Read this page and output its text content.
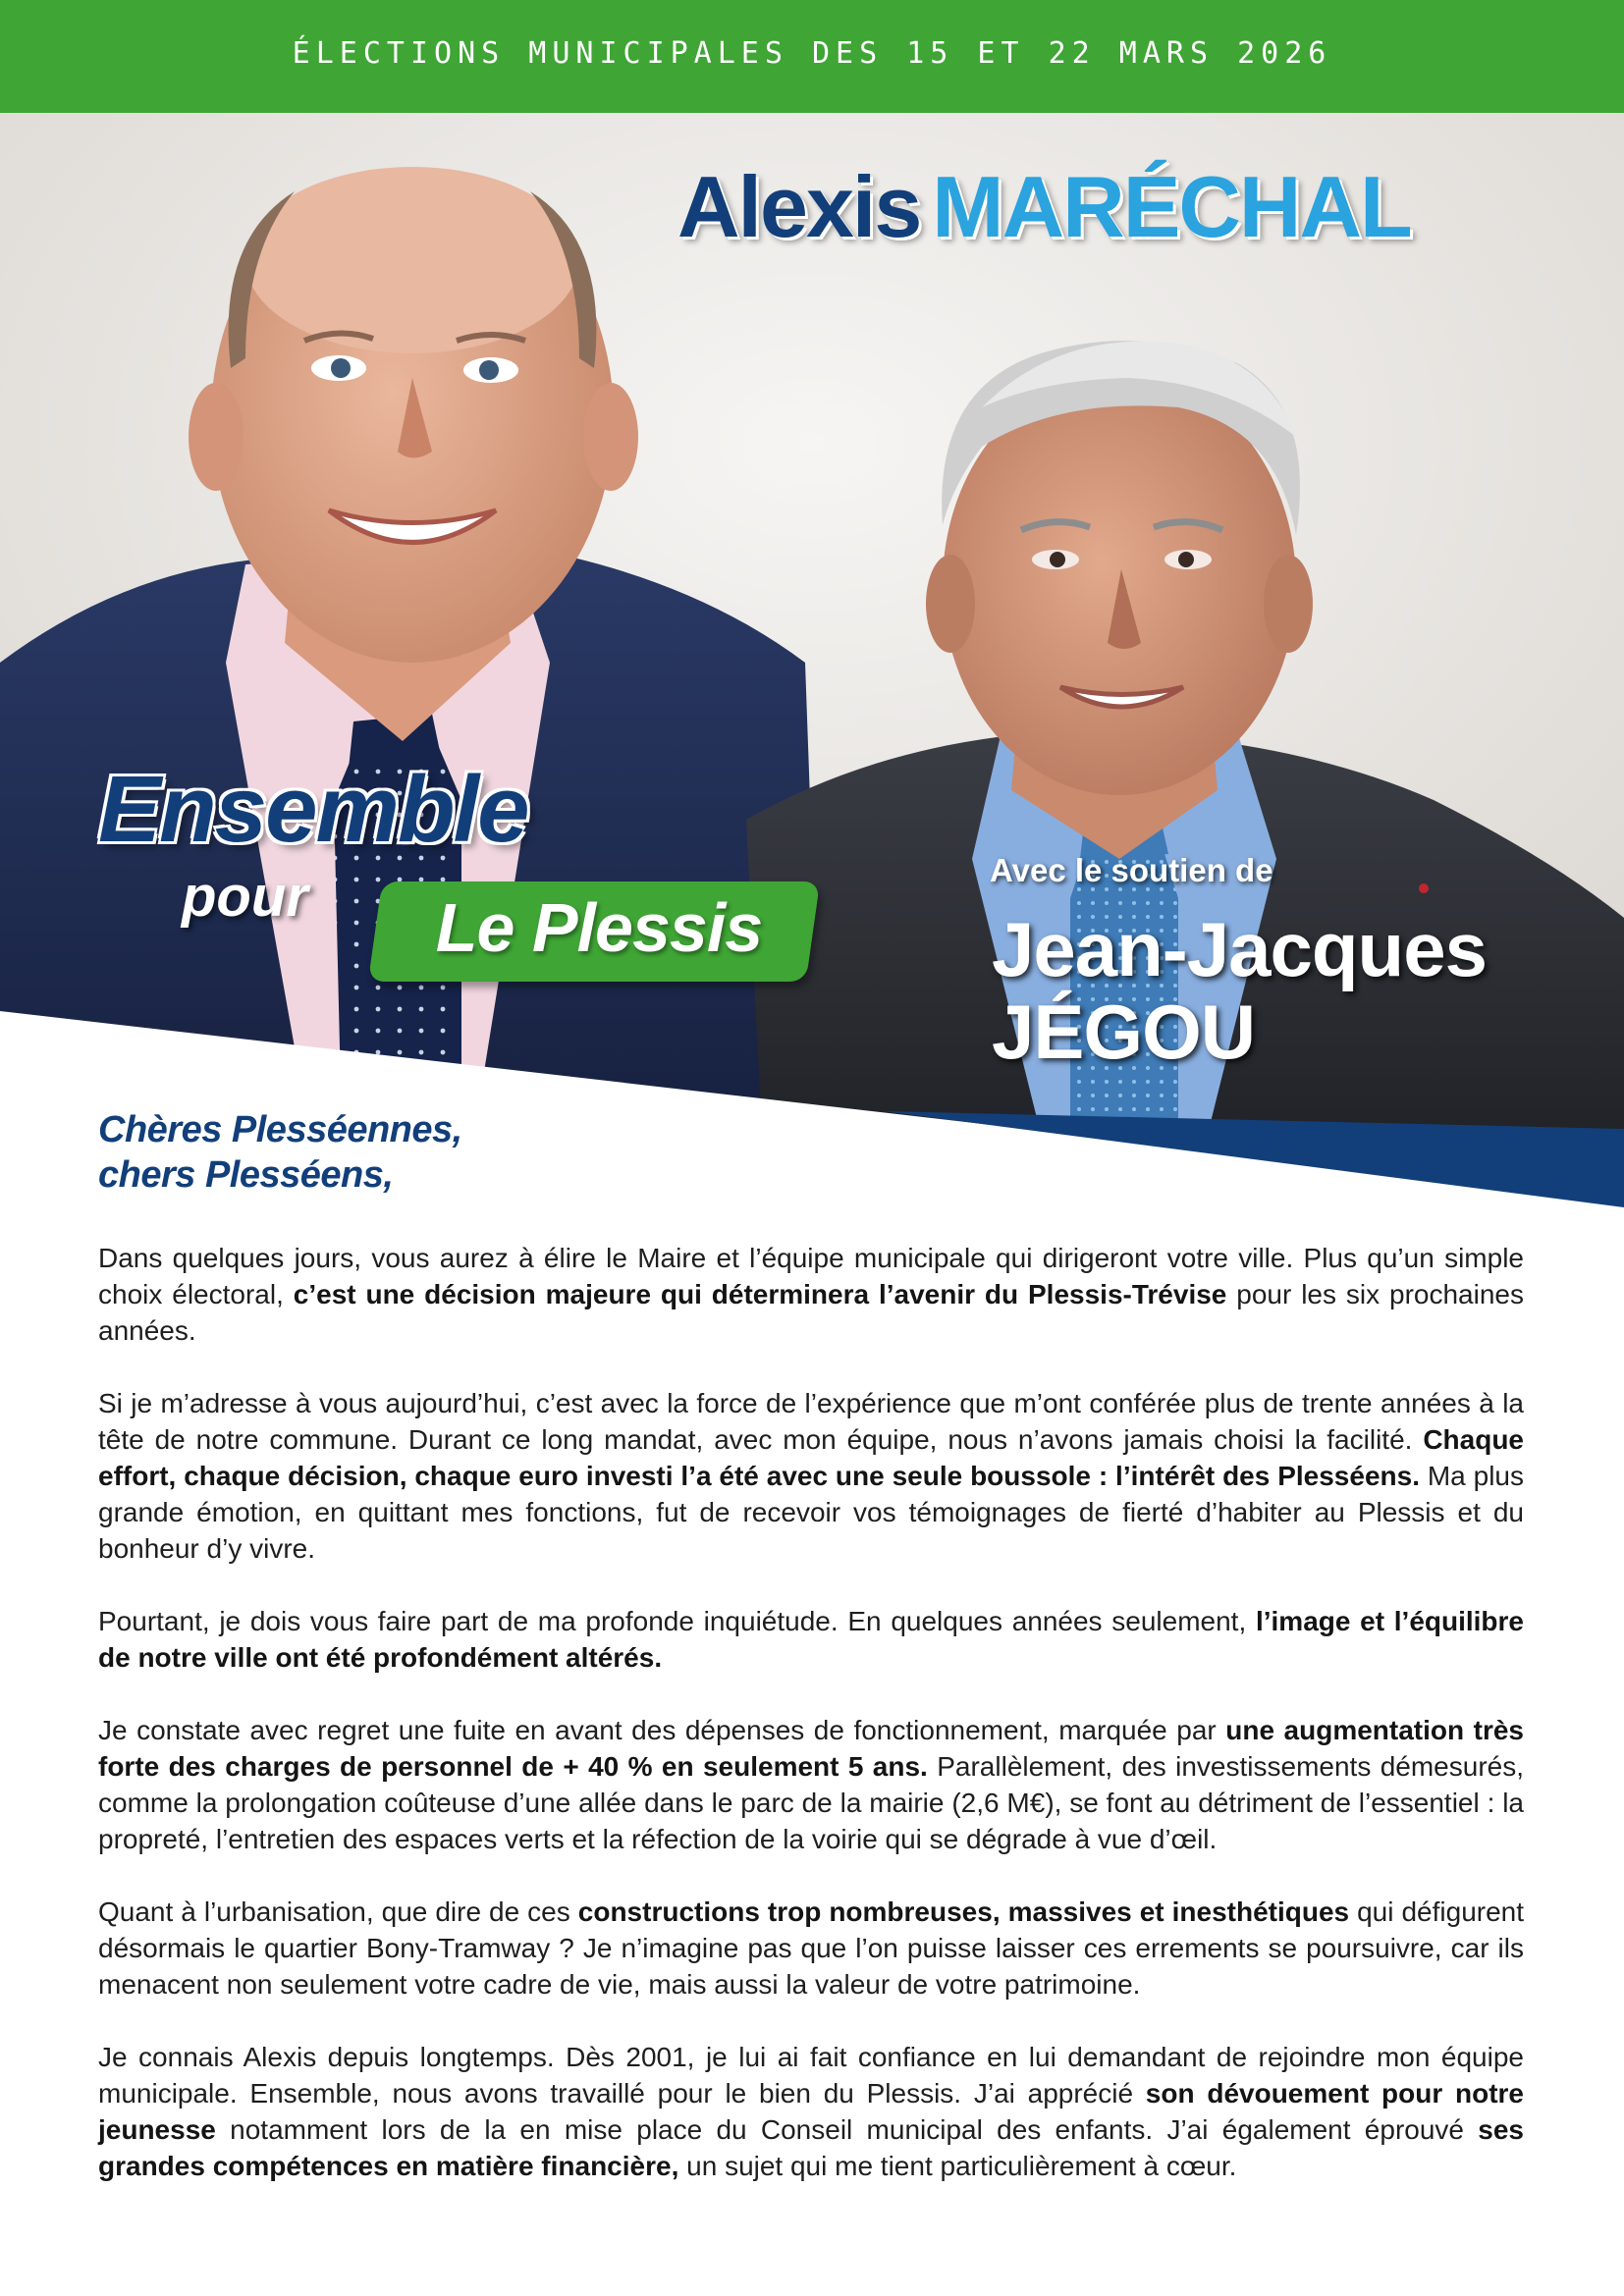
ÉLECTIONS MUNICIPALES DES 15 ET 22 MARS 2026
Alexis MARÉCHAL
Ensemble
pour	Le Plessis
Avec le soutien de
Jean-Jacques
JÉGOU
Chères Plesséennes,
chers Plesséens,

Dans quelques jours, vous aurez à élire le Maire et l’équipe municipale qui dirigeront votre ville. Plus qu’un simple choix électoral, c’est une décision majeure qui déterminera l’avenir du Plessis-Trévise pour les six prochaines années.

Si je m’adresse à vous aujourd’hui, c’est avec la force de l’expérience que m’ont conférée plus de trente années à la tête de notre commune. Durant ce long mandat, avec mon équipe, nous n’avons jamais choisi la facilité. Chaque effort, chaque décision, chaque euro investi l’a été avec une seule boussole : l’intérêt des Plesséens. Ma plus grande émotion, en quittant mes fonctions, fut de recevoir vos témoignages de fierté d’habiter au Plessis et du bonheur d’y vivre.

Pourtant, je dois vous faire part de ma profonde inquiétude. En quelques années seulement, l’image et l’équilibre de notre ville ont été profondément altérés.

Je constate avec regret une fuite en avant des dépenses de fonctionnement, marquée par une augmentation très forte des charges de personnel de + 40 % en seulement 5 ans. Parallèlement, des investissements démesurés, comme la prolongation coûteuse d’une allée dans le parc de la mairie (2,6 M€), se font au détriment de l’essentiel : la propreté, l’entretien des espaces verts et la réfection de la voirie qui se dégrade à vue d’œil.

Quant à l’urbanisation, que dire de ces constructions trop nombreuses, massives et inesthétiques qui défigurent désormais le quartier Bony-Tramway ? Je n’imagine pas que l’on puisse laisser ces errements se poursuivre, car ils menacent non seulement votre cadre de vie, mais aussi la valeur de votre patrimoine.

Je connais Alexis depuis longtemps. Dès 2001, je lui ai fait confiance en lui demandant de rejoindre mon équipe municipale. Ensemble, nous avons travaillé pour le bien du Plessis. J’ai apprécié son dévouement pour notre jeunesse notamment lors de la en mise place du Conseil municipal des enfants. J’ai également éprouvé ses grandes compétences en matière financière, un sujet qui me tient particulièrement à cœur.
